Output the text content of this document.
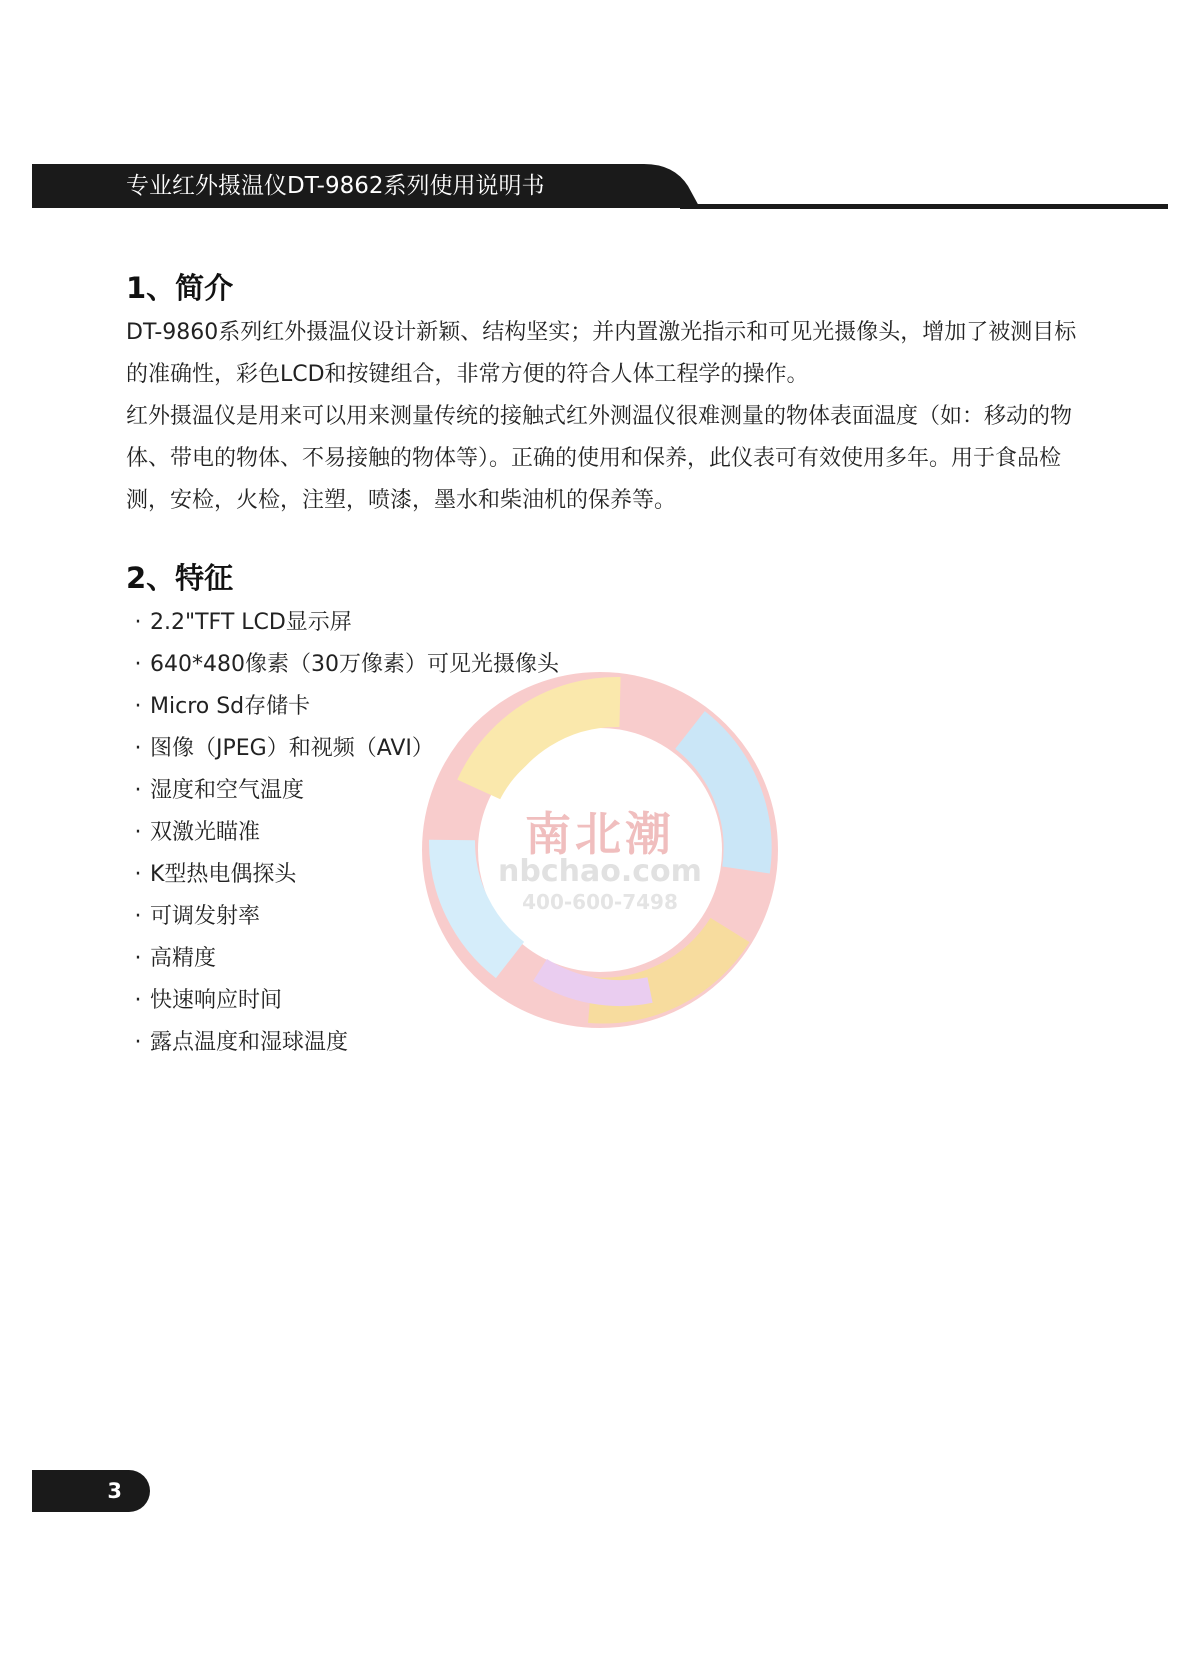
专业红外摄温仪DT-9862系列使用说明书
南北潮
nbchao.com
400-600-7498
1、简介

DT-9860系列红外摄温仪设计新颖、结构坚实；并内置激光指示和可见光摄像头，增加了被测目标的准确性，彩色LCD和按键组合，非常方便的符合人体工程学的操作。

红外摄温仪是用来可以用来测量传统的接触式红外测温仪很难测量的物体表面温度（如：移动的物体、带电的物体、不易接触的物体等）。正确的使用和保养，此仪表可有效使用多年。用于食品检测，安检，火检，注塑，喷漆，墨水和柴油机的保养等。

2、特征
· 2.2"TFT LCD显示屏
· 640*480像素（30万像素）可见光摄像头
· Micro Sd存储卡
· 图像（JPEG）和视频（AVI）
· 湿度和空气温度
· 双激光瞄准
· K型热电偶探头
· 可调发射率
· 高精度
· 快速响应时间
· 露点温度和湿球温度
3
